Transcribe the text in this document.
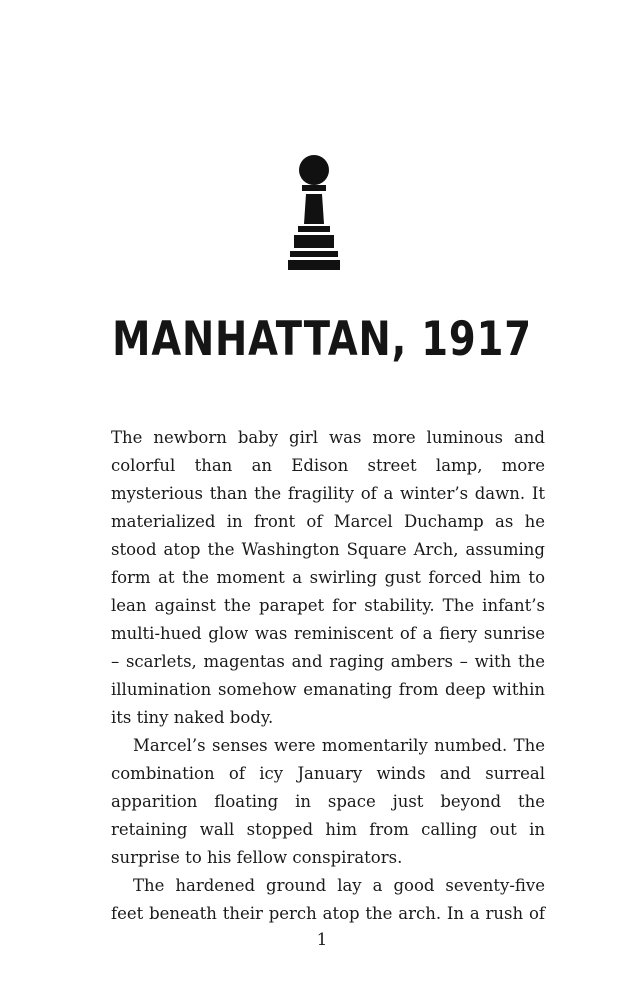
MANHATTAN, 1917

The newborn baby girl was more luminous and colorful than an Edison street lamp, more mysterious than the fragility of a winter’s dawn. It materialized in front of Marcel Duchamp as he stood atop the Washington Square Arch, assuming form at the moment a swirling gust forced him to lean against the parapet for stability. The infant’s multi-hued glow was reminiscent of a fiery sunrise – scarlets, magentas and raging ambers – with the illumination somehow emanating from deep within its tiny naked body.

Marcel’s senses were momentarily numbed. The combination of icy January winds and surreal apparition floating in space just beyond the retaining wall stopped him from calling out in surprise to his fellow conspirators.

The hardened ground lay a good seventy-five feet beneath their perch atop the arch. In a rush of

1
